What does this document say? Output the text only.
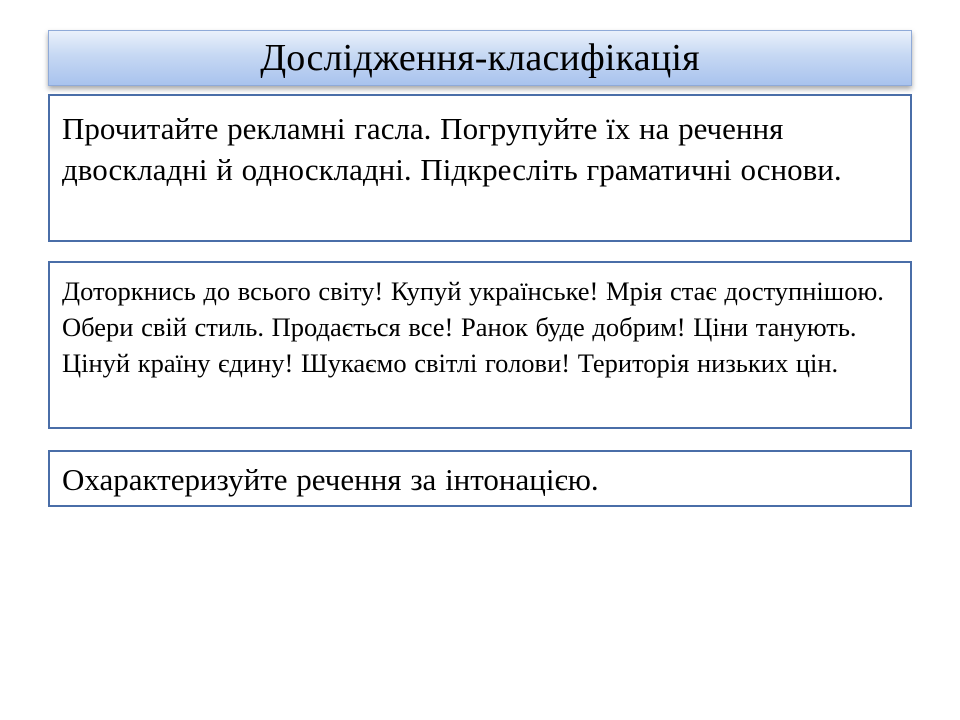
Дослідження-класифікація

Прочитайте рекламні гасла. Погрупуйте їх на речення двоскладні й односкладні. Підкресліть граматичні основи.

Доторкнись до всього світу! Купуй українське! Мрія стає доступнішою. Обери свій стиль. Продається все! Ранок буде добрим! Ціни танують. Цінуй країну єдину! Шукаємо світлі голови! Територія низьких цін.

Охарактеризуйте речення за інтонацією.
